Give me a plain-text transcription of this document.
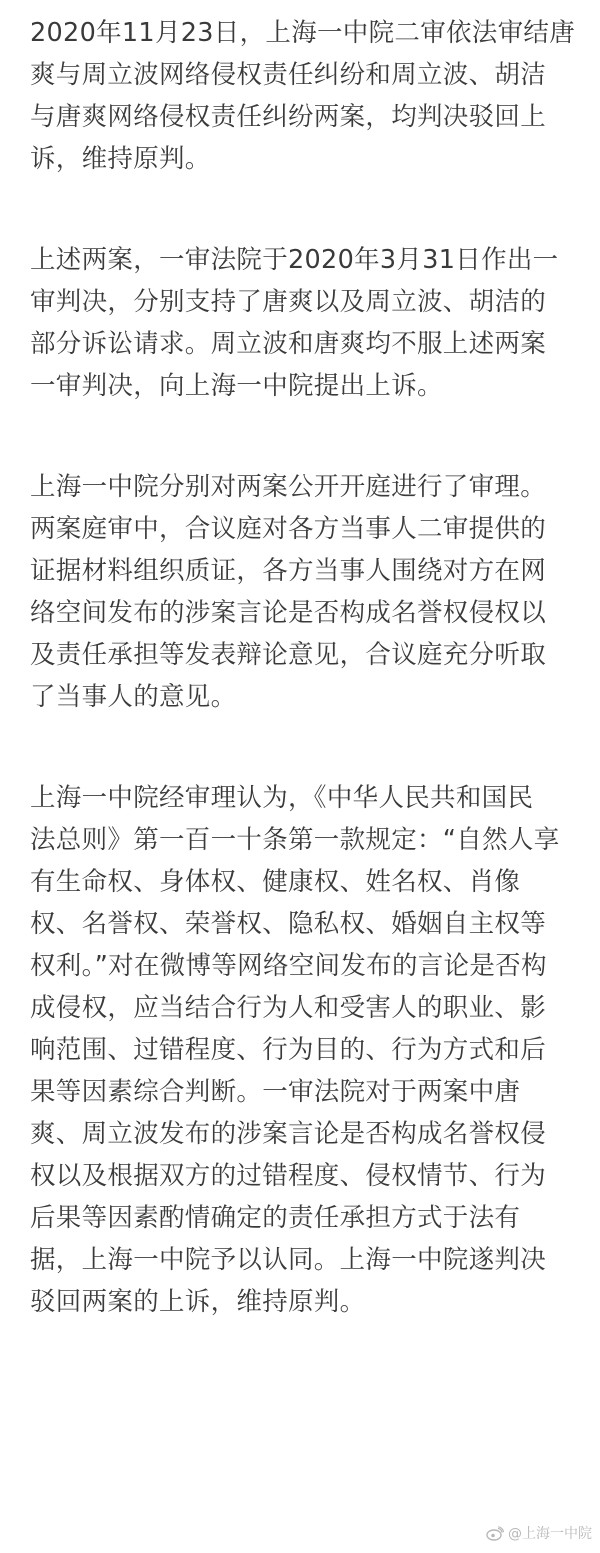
2020年11月23日，上海一中院二审依法审结唐
爽与周立波网络侵权责任纠纷和周立波、胡洁
与唐爽网络侵权责任纠纷两案，均判决驳回上
诉，维持原判。

上述两案，一审法院于2020年3月31日作出一
审判决，分别支持了唐爽以及周立波、胡洁的
部分诉讼请求。周立波和唐爽均不服上述两案
一审判决，向上海一中院提出上诉。

上海一中院分别对两案公开开庭进行了审理。
两案庭审中，合议庭对各方当事人二审提供的
证据材料组织质证，各方当事人围绕对方在网
络空间发布的涉案言论是否构成名誉权侵权以
及责任承担等发表辩论意见，合议庭充分听取
了当事人的意见。

上海一中院经审理认为，《中华人民共和国民
法总则》第一百一十条第一款规定：“自然人享
有生命权、身体权、健康权、姓名权、肖像
权、名誉权、荣誉权、隐私权、婚姻自主权等
权利。”对在微博等网络空间发布的言论是否构
成侵权，应当结合行为人和受害人的职业、影
响范围、过错程度、行为目的、行为方式和后
果等因素综合判断。一审法院对于两案中唐
爽、周立波发布的涉案言论是否构成名誉权侵
权以及根据双方的过错程度、侵权情节、行为
后果等因素酌情确定的责任承担方式于法有
据，上海一中院予以认同。上海一中院遂判决
驳回两案的上诉，维持原判。

@上海一中院
